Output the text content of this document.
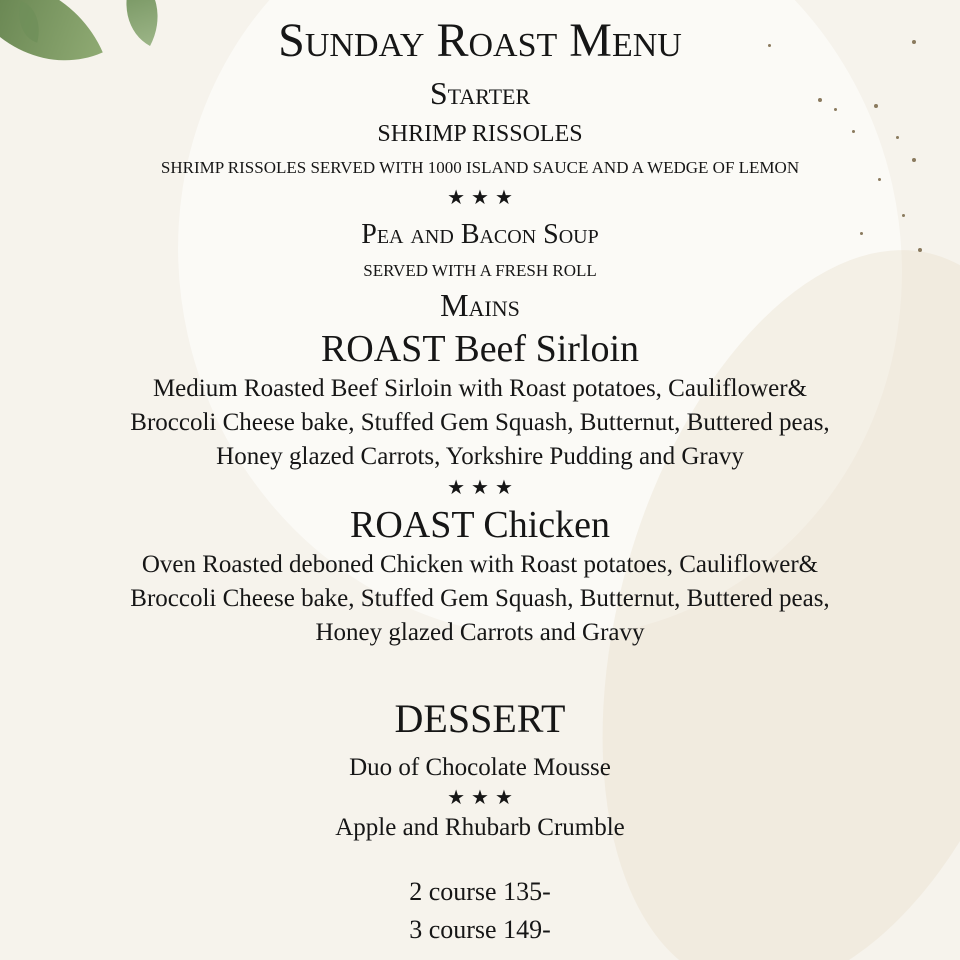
Sunday Roast Menu
Starter
SHRIMP RISSOLES
SHRIMP RISSOLES SERVED WITH 1000 ISLAND SAUCE AND A WEDGE OF LEMON
★★★
Pea and Bacon Soup
SERVED WITH A FRESH ROLL
Mains
ROAST Beef Sirloin
Medium Roasted Beef Sirloin with Roast potatoes, Cauliflower&
Broccoli Cheese bake, Stuffed Gem Squash, Butternut, Buttered peas,
Honey glazed Carrots, Yorkshire Pudding and Gravy
★★★
ROAST Chicken
Oven Roasted deboned Chicken with Roast potatoes, Cauliflower&
Broccoli Cheese bake, Stuffed Gem Squash, Butternut, Buttered peas,
Honey glazed Carrots and Gravy
DESSERT
Duo of Chocolate Mousse
★★★
Apple and Rhubarb Crumble
2 course 135-
3 course 149-
